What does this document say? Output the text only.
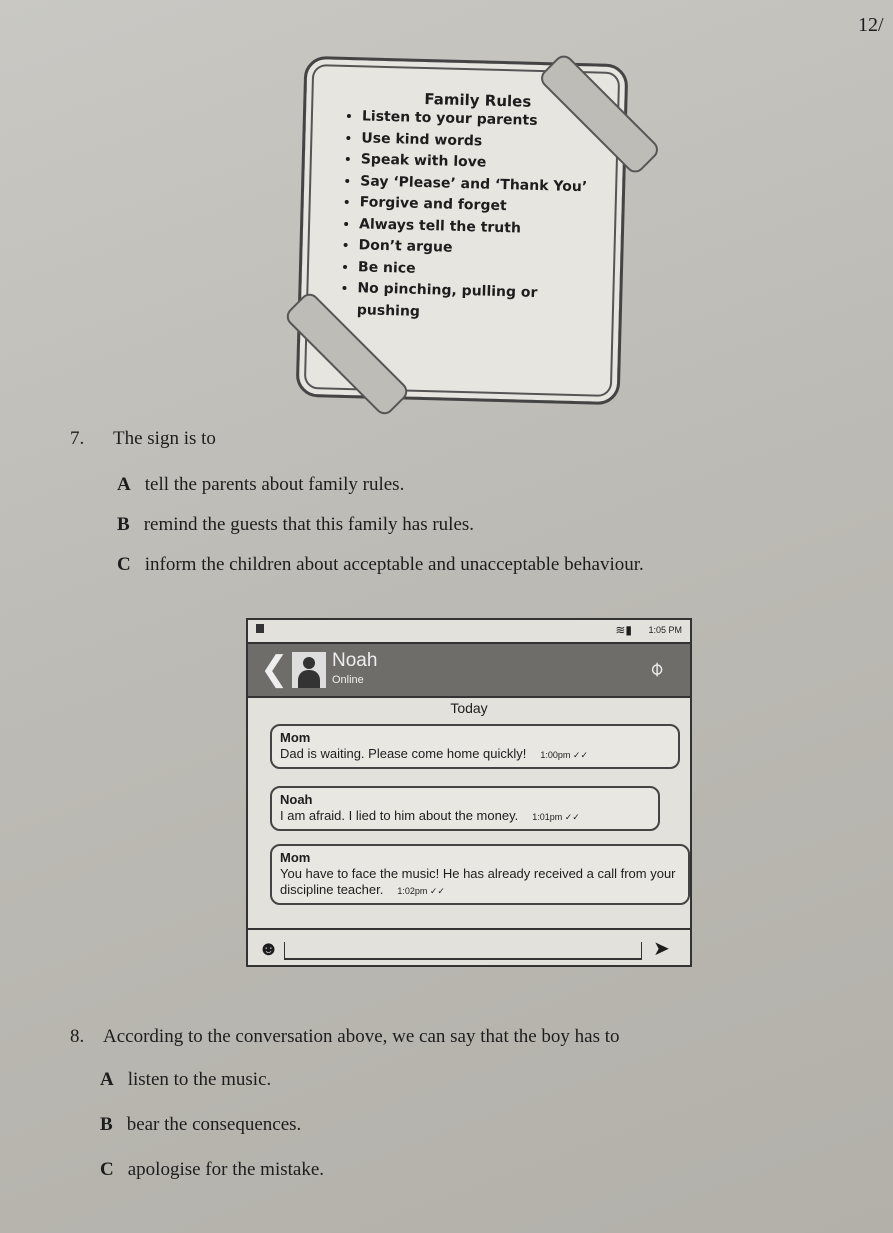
12/
Family Rules
• Listen to your parents
• Use kind words
• Speak with love
• Say ‘Please’ and ‘Thank You’
• Forgive and forget
• Always tell the truth
• Don’t argue
• Be nice
• No pinching, pulling or pushing
7. The sign is to
A tell the parents about family rules.
B remind the guests that this family has rules.
C inform the children about acceptable and unacceptable behaviour.
≋▮ 1:05 PM
❮ Noah
Online	⌀
Today
Mom
Dad is waiting. Please come home quickly! 1:00pm ✓✓
Noah
I am afraid. I lied to him about the money. 1:01pm ✓✓
Mom
You have to face the music! He has already received a call from your discipline teacher. 1:02pm ✓✓
☻	➤
8. According to the conversation above, we can say that the boy has to
A listen to the music.
B bear the consequences.
C apologise for the mistake.
